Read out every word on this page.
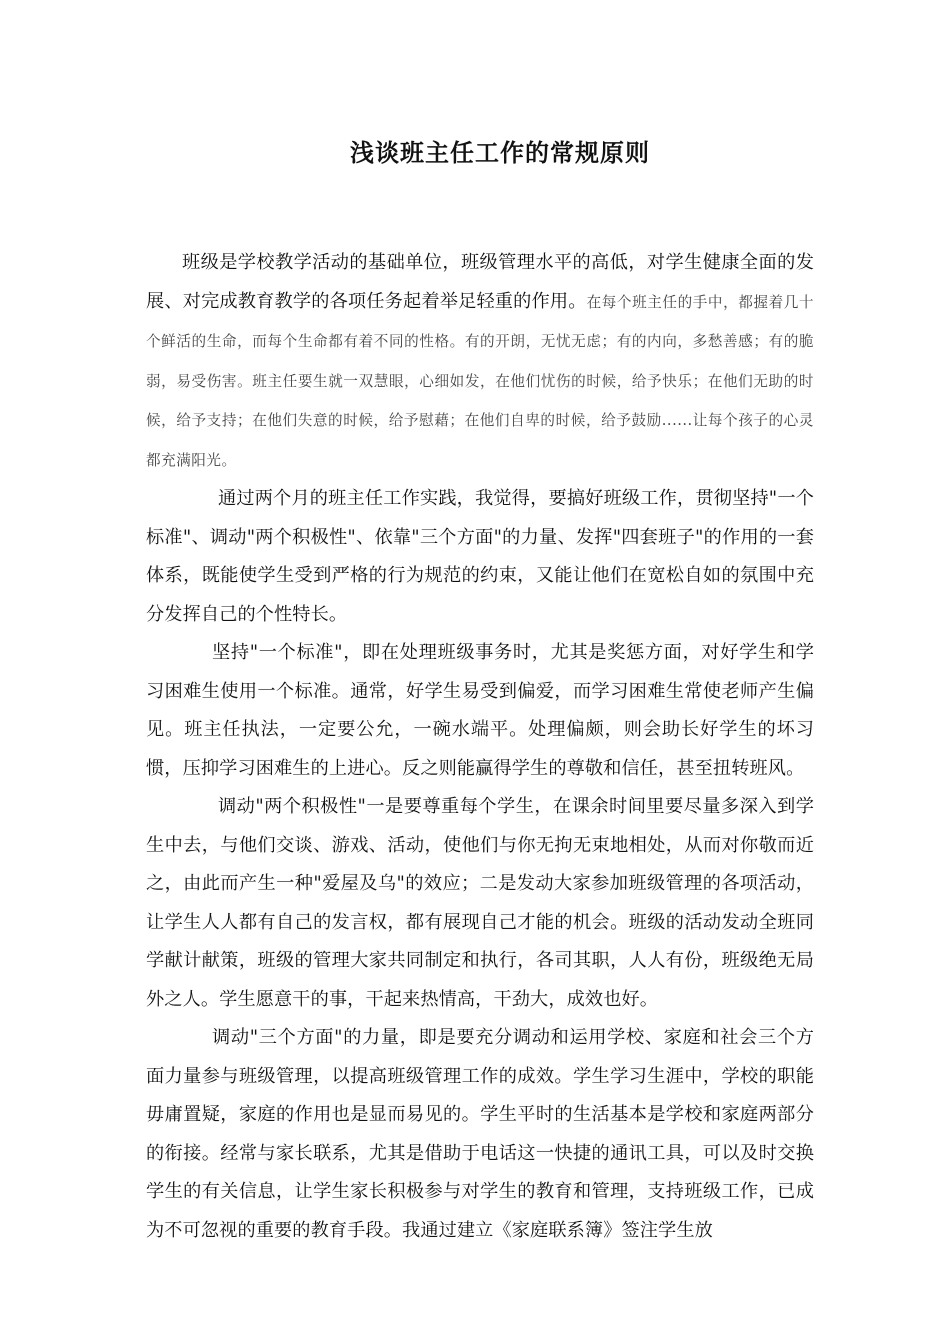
浅谈班主任工作的常规原则

班级是学校教学活动的基础单位，班级管理水平的高低，对学生健康全面的发展、对完成教育教学的各项任务起着举足轻重的作用。在每个班主任的手中，都握着几十个鲜活的生命，而每个生命都有着不同的性格。有的开朗，无忧无虑；有的内向，多愁善感；有的脆弱，易受伤害。班主任要生就一双慧眼，心细如发，在他们忧伤的时候，给予快乐；在他们无助的时候，给予支持；在他们失意的时候，给予慰藉；在他们自卑的时候，给予鼓励......让每个孩子的心灵都充满阳光。

通过两个月的班主任工作实践，我觉得，要搞好班级工作，贯彻坚持"一个标准"、调动"两个积极性"、依靠"三个方面"的力量、发挥"四套班子"的作用的一套体系，既能使学生受到严格的行为规范的约束，又能让他们在宽松自如的氛围中充分发挥自己的个性特长。

坚持"一个标准"，即在处理班级事务时，尤其是奖惩方面，对好学生和学习困难生使用一个标准。通常，好学生易受到偏爱，而学习困难生常使老师产生偏见。班主任执法，一定要公允，一碗水端平。处理偏颇，则会助长好学生的坏习惯，压抑学习困难生的上进心。反之则能赢得学生的尊敬和信任，甚至扭转班风。

调动"两个积极性"一是要尊重每个学生，在课余时间里要尽量多深入到学生中去，与他们交谈、游戏、活动，使他们与你无拘无束地相处，从而对你敬而近之，由此而产生一种"爱屋及乌"的效应；二是发动大家参加班级管理的各项活动，让学生人人都有自己的发言权，都有展现自己才能的机会。班级的活动发动全班同学献计献策，班级的管理大家共同制定和执行，各司其职，人人有份，班级绝无局外之人。学生愿意干的事，干起来热情高，干劲大，成效也好。

调动"三个方面"的力量，即是要充分调动和运用学校、家庭和社会三个方面力量参与班级管理，以提高班级管理工作的成效。学生学习生涯中，学校的职能毋庸置疑，家庭的作用也是显而易见的。学生平时的生活基本是学校和家庭两部分的衔接。经常与家长联系，尤其是借助于电话这一快捷的通讯工具，可以及时交换学生的有关信息，让学生家长积极参与对学生的教育和管理，支持班级工作，已成为不可忽视的重要的教育手段。我通过建立《家庭联系簿》签注学生放
